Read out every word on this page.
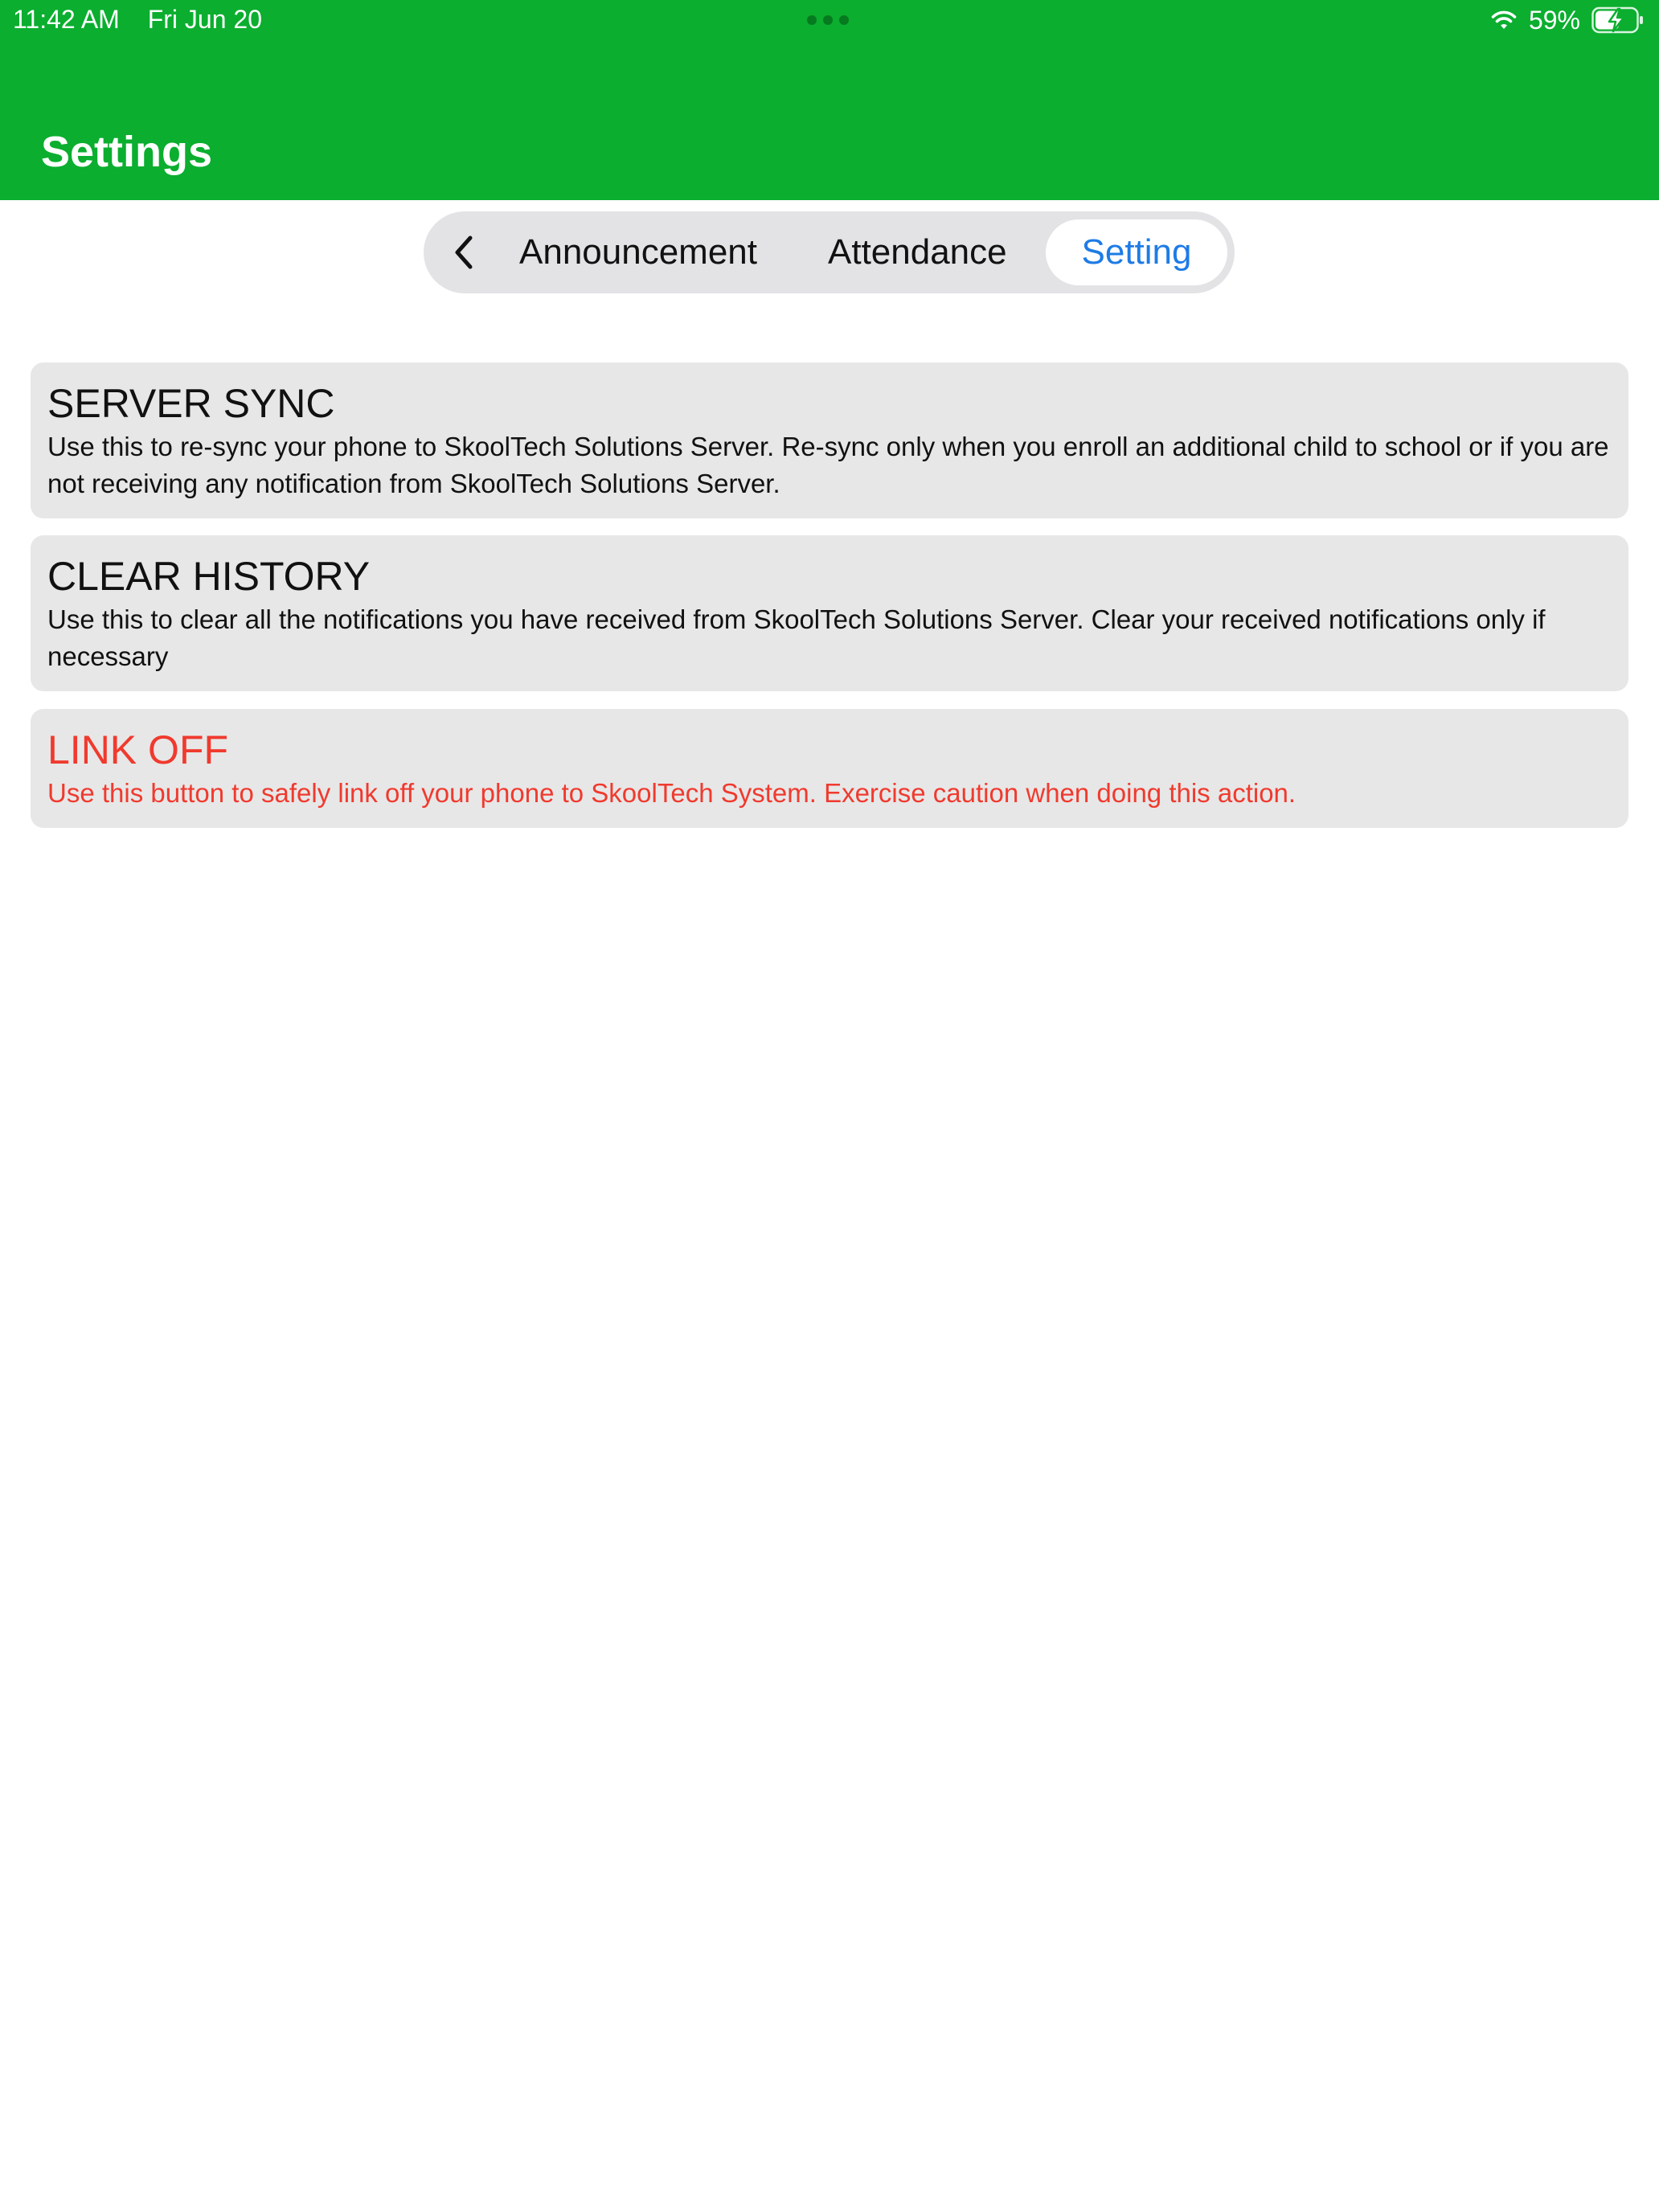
11:42 AM Fri Jun 20	59%
Settings
Announcement Attendance	Setting
SERVER SYNC
Use this to re-sync your phone to SkoolTech Solutions Server. Re-sync only when you enroll an additional child to school or if you are not receiving any notification from SkoolTech Solutions Server.
CLEAR HISTORY
Use this to clear all the notifications you have received from SkoolTech Solutions Server. Clear your received notifications only if necessary
LINK OFF
Use this button to safely link off your phone to SkoolTech System. Exercise caution when doing this action.
